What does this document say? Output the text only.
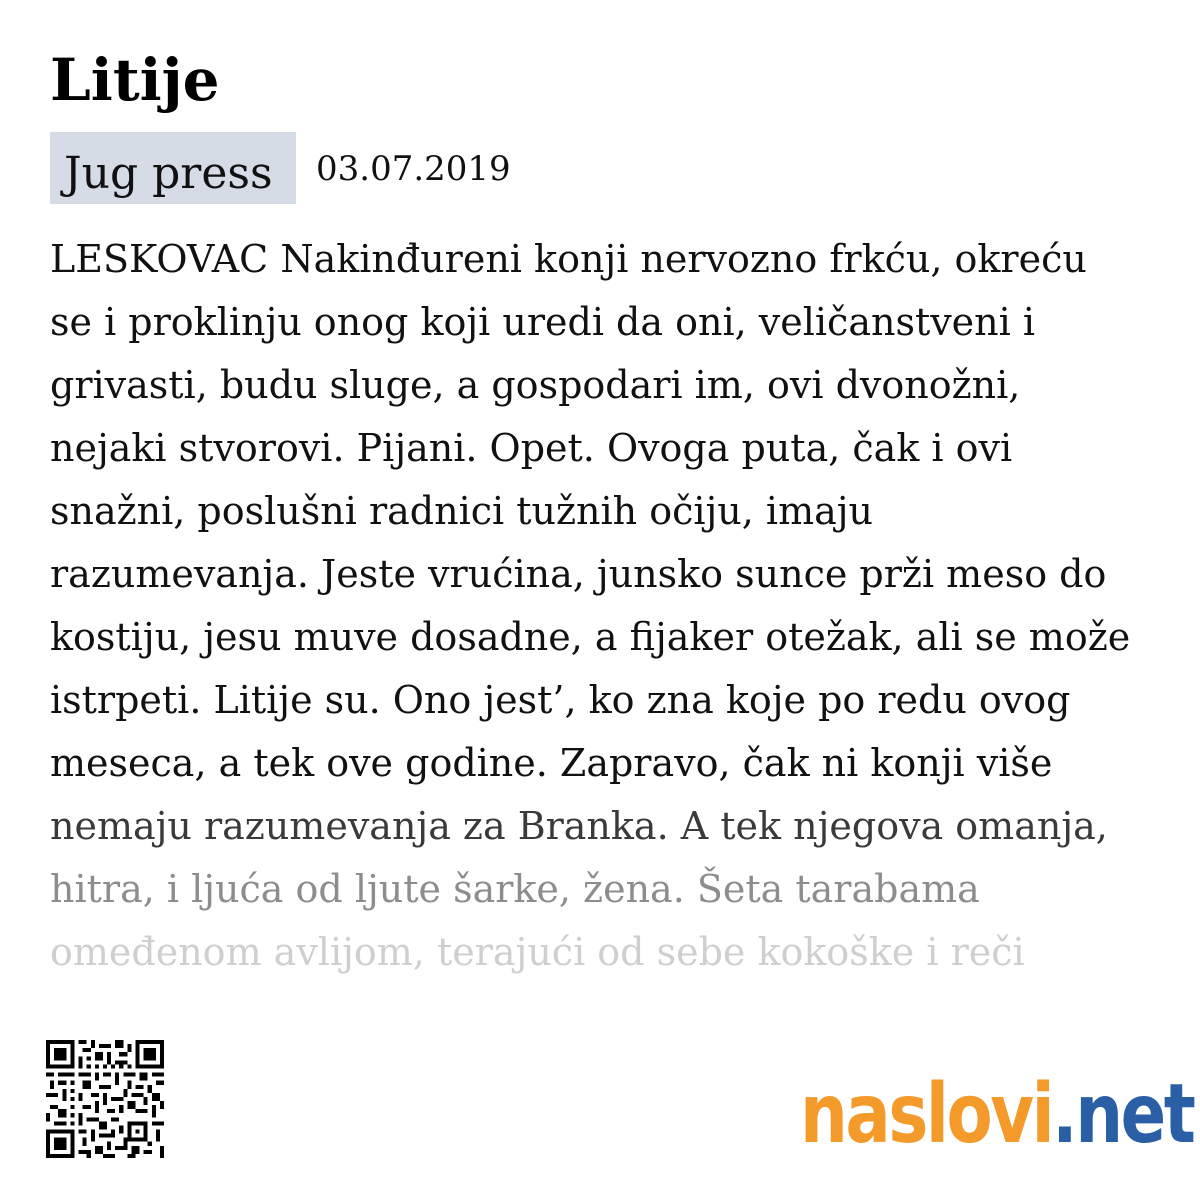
Litije
Jug press	03.07.2019
LESKOVAC Nakinđureni konji nervozno frkću, okreću
se i proklinju onog koji uredi da oni, veličanstveni i
grivasti, budu sluge, a gospodari im, ovi dvonožni,
nejaki stvorovi. Pijani. Opet. Ovoga puta, čak i ovi
snažni, poslušni radnici tužnih očiju, imaju
razumevanja. Jeste vrućina, junsko sunce prži meso do
kostiju, jesu muve dosadne, a fijaker otežak, ali se može
istrpeti. Litije su. Ono jest’, ko zna koje po redu ovog
meseca, a tek ove godine. Zapravo, čak ni konji više
nemaju razumevanja za Branka. A tek njegova omanja,
hitra, i ljuća od ljute šarke, žena. Šeta tarabama
omeđenom avlijom, terajući od sebe kokoške i reči
naslovi.net
